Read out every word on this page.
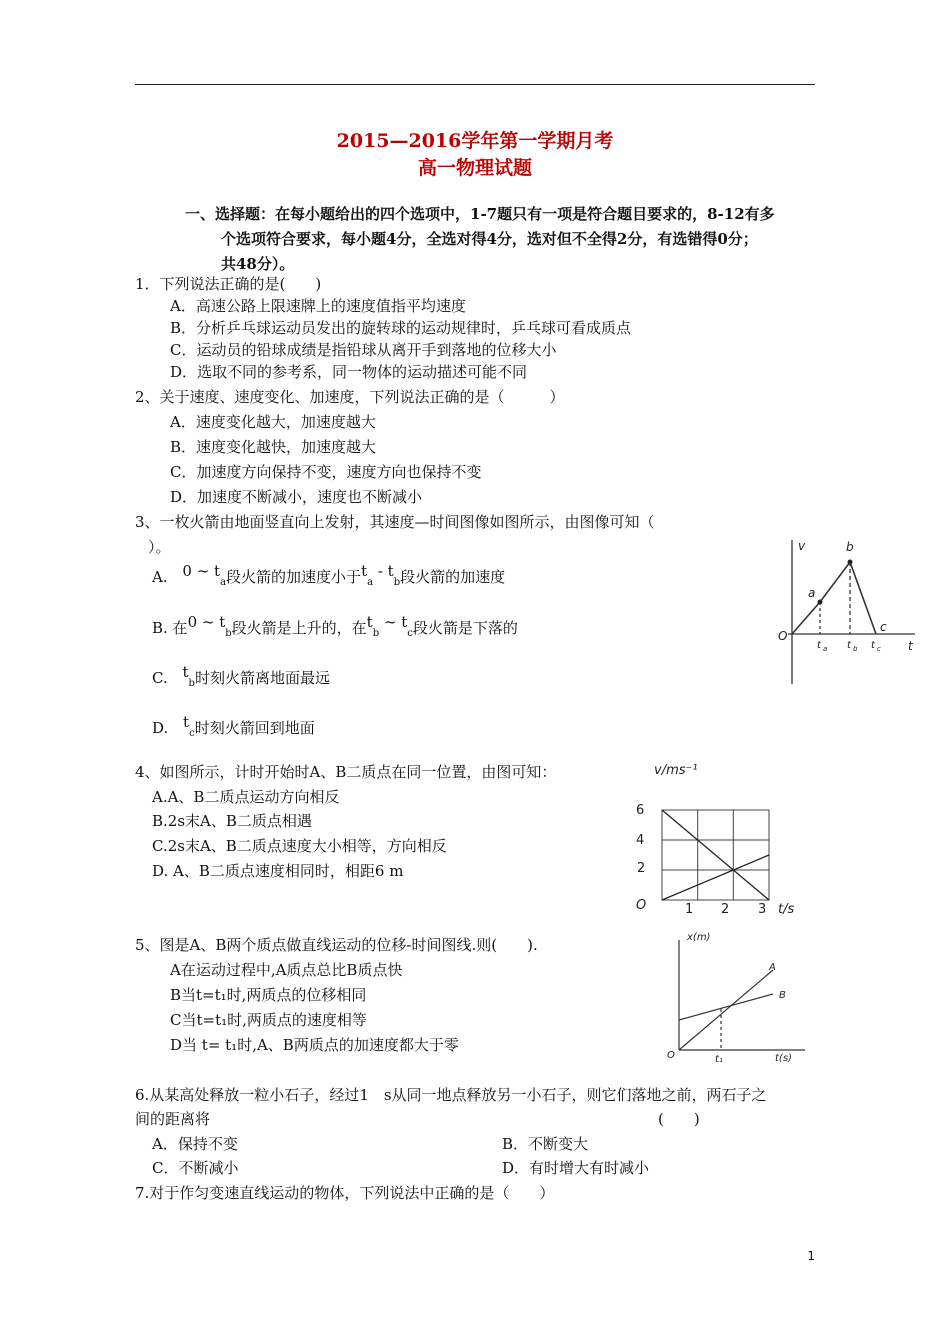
2015—2016学年第一学期月考
高一物理试题
一、选择题：在每小题给出的四个选项中，1-7题只有一项是符合题目要求的，8-12有多
个选项符合要求，每小题4分，全选对得4分，选对但不全得2分，有选错得0分；
共48分）。
1．下列说法正确的是(　　)
A．高速公路上限速牌上的速度值指平均速度
B．分析乒乓球运动员发出的旋转球的运动规律时，乒乓球可看成质点
C．运动员的铅球成绩是指铅球从离开手到落地的位移大小
D．选取不同的参考系，同一物体的运动描述可能不同
2、关于速度、速度变化、加速度，下列说法正确的是（　　　）
A．速度变化越大，加速度越大
B．速度变化越快，加速度越大
C．加速度方向保持不变，速度方向也保持不变
D．加速度不断减小，速度也不断减小
3、一枚火箭由地面竖直向上发射，其速度—时间图像如图所示，由图像可知（
）。
A. 0 ~ $t_a$段火箭的加速度小于$t_a - t_b$段火箭的加速度
B. 在0 ~ $t_b$段火箭是上升的，在$t_b$ ~ $t_c$段火箭是下落的
C. $t_b$时刻火箭离地面最远
D. $t_c$时刻火箭回到地面
v	b
a
c
O
t
t a t b t c
4、如图所示，计时开始时A、B二质点在同一位置，由图可知：
A.A、B二质点运动方向相反
B.2s末A、B二质点相遇
C.2s末A、B二质点速度大小相等，方向相反
D. A、B二质点速度相同时，相距6 m
v/ms⁻¹
6
4
2
O	1 2 3 t/s
5、图是A、B两个质点做直线运动的位移-时间图线.则(　　).
A在运动过程中,A质点总比B质点快
B当t=t₁时,两质点的位移相同
C当t=t₁时,两质点的速度相等
D当 t= t₁时,A、B两质点的加速度都大于零
x(m)
A
B
O	t₁	t(s)
6.从某高处释放一粒小石子，经过1　s从同一地点释放另一小石子，则它们落地之前，两石子之
间的距离将	(　　)
A．保持不变	B．不断变大
C．不断减小	D．有时增大有时减小
7.对于作匀变速直线运动的物体，下列说法中正确的是（　　）
1
